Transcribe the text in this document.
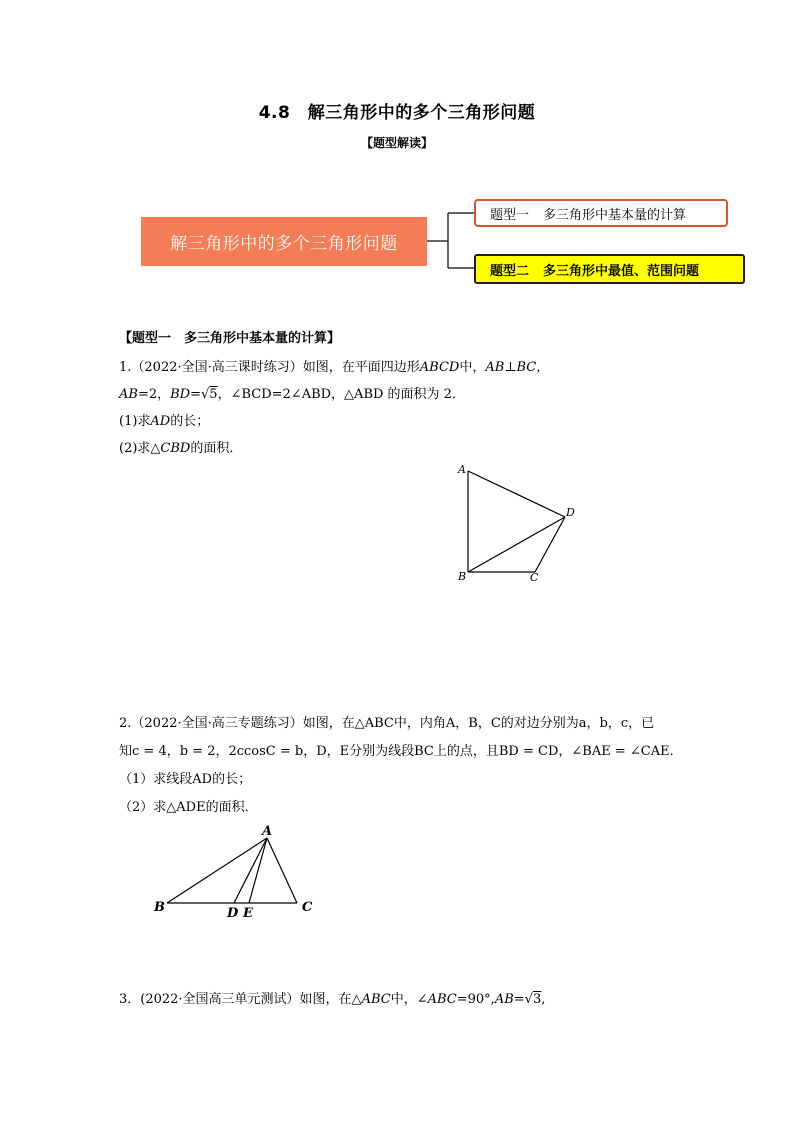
4.8　解三角形中的多个三角形问题
【题型解读】
解三角形中的多个三角形问题
题型一 多三角形中基本量的计算
题型二 多三角形中最值、范围问题
【题型一　多三角形中基本量的计算】
1.（2022·全国·高三课时练习）如图，在平面四边形ABCD中，AB⊥BC，
AB=2，BD=√5，∠BCD=2∠ABD，△ABD 的面积为 2．
(1)求AD的长；
(2)求△CBD的面积．
A
B	C
D
2.（2022·全国·高三专题练习）如图，在△ABC中，内角A，B，C的对边分别为a，b，c，已
知c = 4，b = 2，2ccosC = b，D，E分别为线段BC上的点，且BD = CD，∠BAE = ∠CAE．
（1）求线段AD的长；
（2）求△ADE的面积．
A
B	C
D E
3．(2022·全国高三单元测试）如图，在△ABC中，∠ABC=90°,AB=√3,
